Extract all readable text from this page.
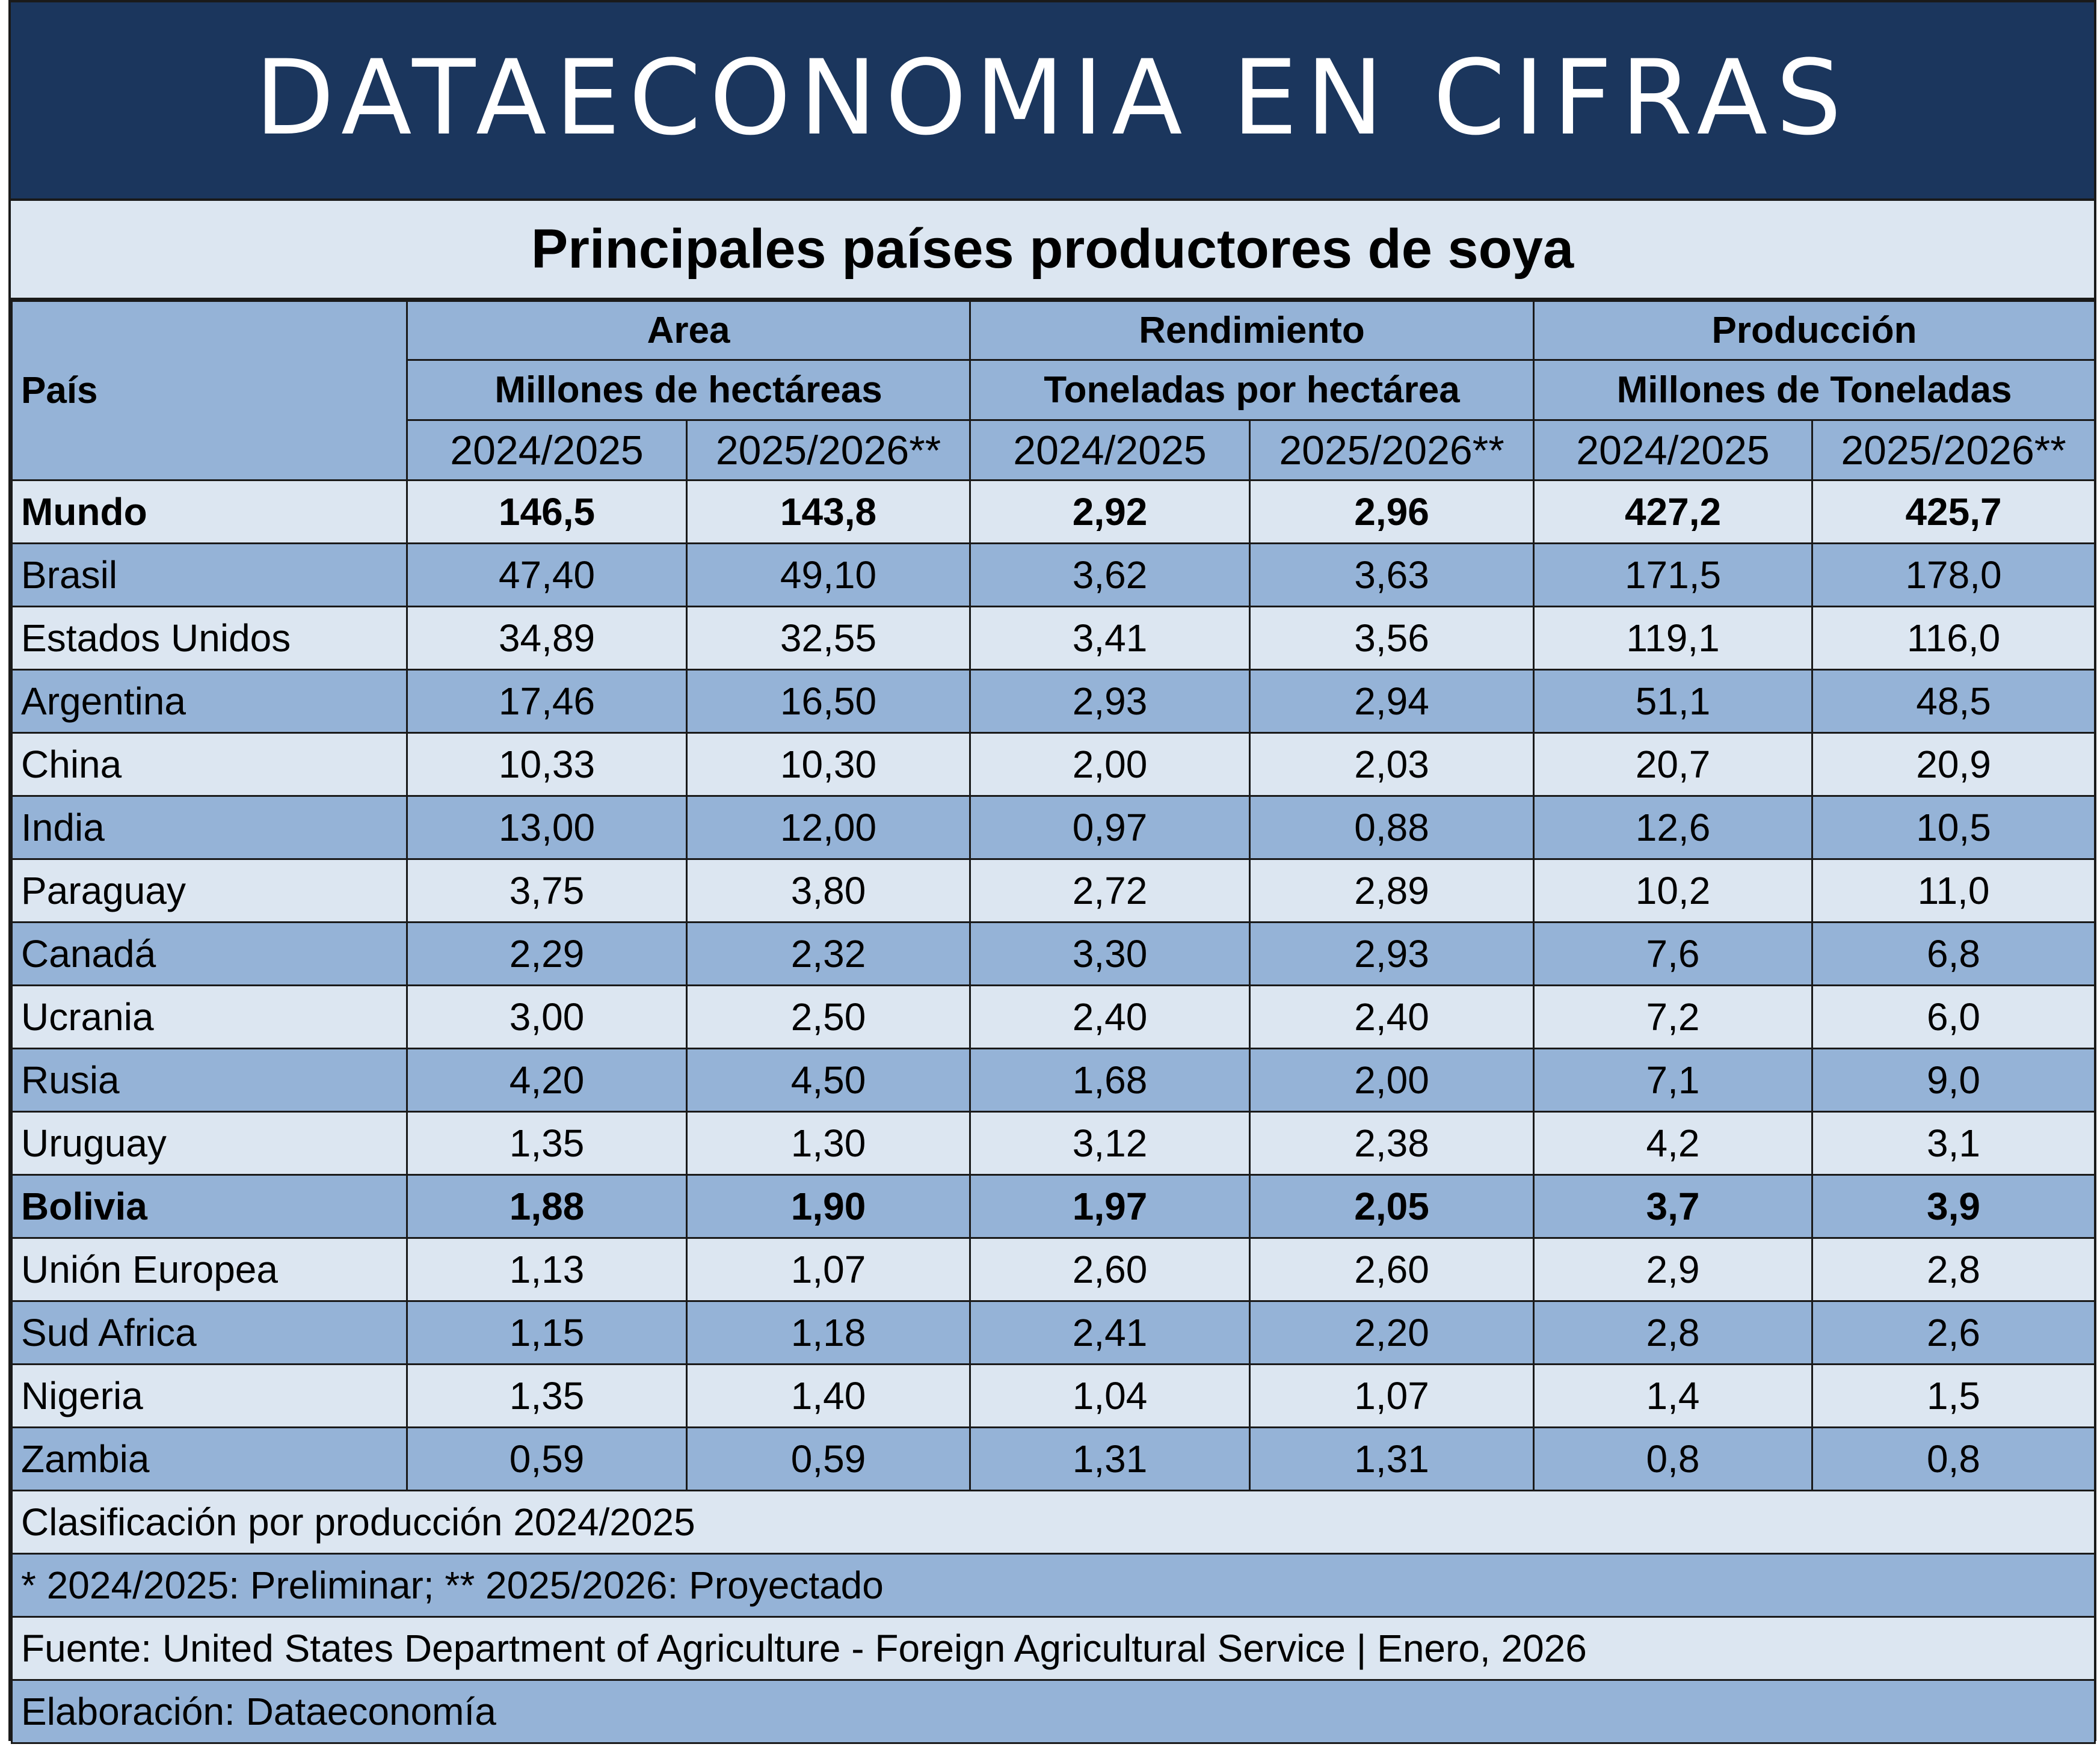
DATAECONOMIA EN CIFRAS
Principales países productores de soya
País	Area		Rendimiento		Producción	
	Millones de hectáreas		Toneladas por hectárea		Millones de Toneladas	
	2024/2025	2025/2026**	2024/2025	2025/2026**	2024/2025	2025/2026**
Mundo	146,5	143,8	2,92	2,96	427,2	425,7
Brasil	47,40	49,10	3,62	3,63	171,5	178,0
Estados Unidos	34,89	32,55	3,41	3,56	119,1	116,0
Argentina	17,46	16,50	2,93	2,94	51,1	48,5
China	10,33	10,30	2,00	2,03	20,7	20,9
India	13,00	12,00	0,97	0,88	12,6	10,5
Paraguay	3,75	3,80	2,72	2,89	10,2	11,0
Canadá	2,29	2,32	3,30	2,93	7,6	6,8
Ucrania	3,00	2,50	2,40	2,40	7,2	6,0
Rusia	4,20	4,50	1,68	2,00	7,1	9,0
Uruguay	1,35	1,30	3,12	2,38	4,2	3,1
Bolivia	1,88	1,90	1,97	2,05	3,7	3,9
Unión Europea	1,13	1,07	2,60	2,60	2,9	2,8
Sud Africa	1,15	1,18	2,41	2,20	2,8	2,6
Nigeria	1,35	1,40	1,04	1,07	1,4	1,5
Zambia	0,59	0,59	1,31	1,31	0,8	0,8
Clasificación por producción 2024/2025						
* 2024/2025: Preliminar; ** 2025/2026: Proyectado						
Fuente: United States Department of Agriculture - Foreign Agricultural Service | Enero, 2026						
Elaboración: Dataeconomía						
